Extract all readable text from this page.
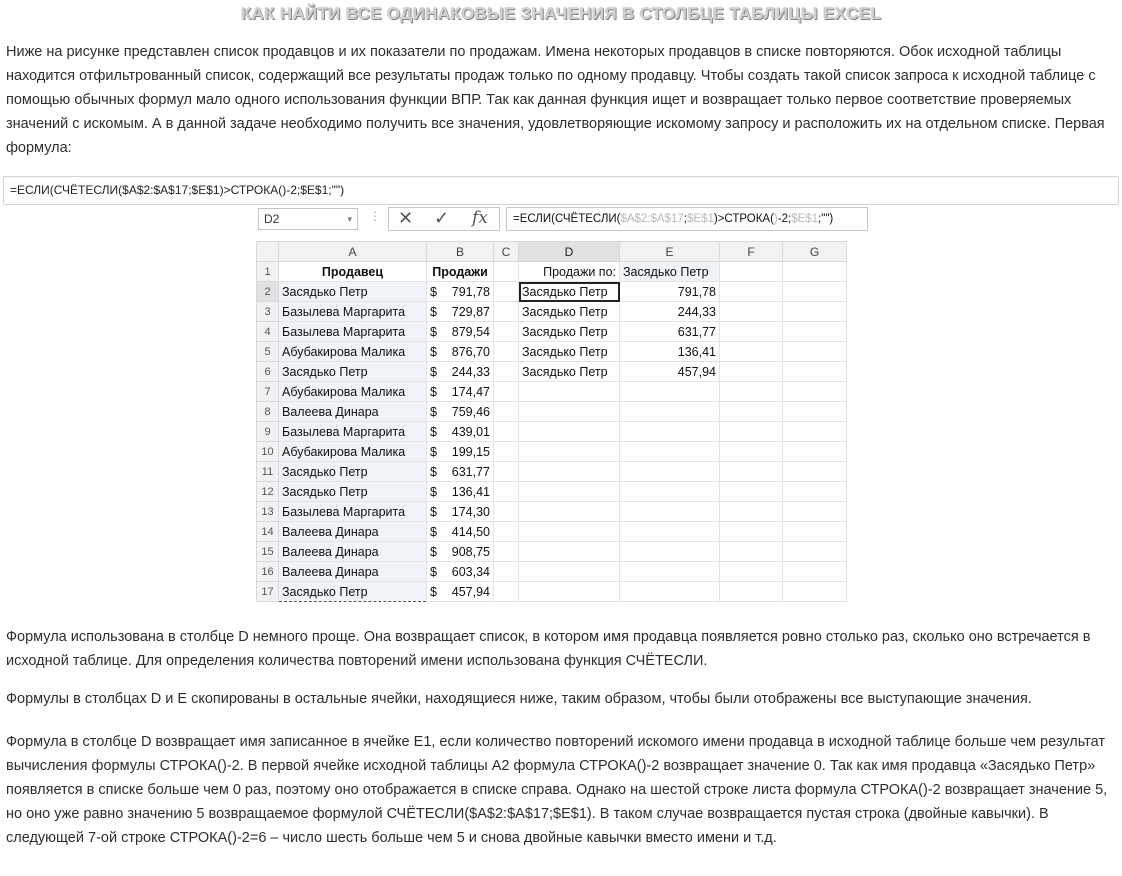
КАК НАЙТИ ВСЕ ОДИНАКОВЫЕ ЗНАЧЕНИЯ В СТОЛБЦЕ ТАБЛИЦЫ EXCEL

Ниже на рисунке представлен список продавцов и их показатели по продажам. Имена некоторых продавцов в списке повторяются. Обок исходной таблицы находится отфильтрованный список, содержащий все результаты продаж только по одному продавцу. Чтобы создать такой список запроса к исходной таблице с помощью обычных формул мало одного использования функции ВПР. Так как данная функция ищет и возвращает только первое соответствие проверяемых значений с искомым. А в данной задаче необходимо получить все значения, удовлетворяющие искомому запросу и расположить их на отдельном списке. Первая формула:

=ЕСЛИ(СЧЁТЕСЛИ($A$2:$A$17;$E$1)>СТРОКА()-2;$E$1;"")
D2	▾ ⋮ ✕ ✓ fx	=ЕСЛИ(СЧЁТЕСЛИ($A$2:$A$17;$E$1)>СТРОКА()-2;$E$1;"")
	A	B	C	D	E	F	G
1	Продавец	Продажи		Продажи по:	Засядько Петр		
2	Засядько Петр	$ 791,78		Засядько Петр	791,78		
3	Базылева Маргарита	$ 729,87		Засядько Петр	244,33		
4	Базылева Маргарита	$ 879,54		Засядько Петр	631,77		
5	Абубакирова Малика	$ 876,70		Засядько Петр	136,41		
6	Засядько Петр	$ 244,33		Засядько Петр	457,94		
7	Абубакирова Малика	$ 174,47					

8	Валеева Динара	$ 759,46					

9	Базылева Маргарита	$ 439,01					

10	Абубакирова Малика	$ 199,15					

11	Засядько Петр	$ 631,77					

12	Засядько Петр	$ 136,41					

13	Базылева Маргарита	$ 174,30					

14	Валеева Динара	$ 414,50					

15	Валеева Динара	$ 908,75					

16	Валеева Динара	$ 603,34					

17	Засядько Петр	$ 457,94					

Формула использована в столбце D немного проще. Она возвращает список, в котором имя продавца появляется ровно столько раз, сколько оно встречается в исходной таблице. Для определения количества повторений имени использована функция СЧЁТЕСЛИ.

Формулы в столбцах D и E скопированы в остальные ячейки, находящиеся ниже, таким образом, чтобы были отображены все выступающие значения.

Формула в столбце D возвращает имя записанное в ячейке E1, если количество повторений искомого имени продавца в исходной таблице больше чем результат вычисления формулы СТРОКА()-2. В первой ячейке исходной таблицы A2 формула СТРОКА()-2 возвращает значение 0. Так как имя продавца «Засядько Петр» появляется в списке больше чем 0 раз, поэтому оно отображается в списке справа. Однако на шестой строке листа формула СТРОКА()-2 возвращает значение 5, но оно уже равно значению 5 возвращаемое формулой СЧЁТЕСЛИ($A$2:$A$17;$E$1). В таком случае возвращается пустая строка (двойные кавычки). В следующей 7-ой строке СТРОКА()-2=6 – число шесть больше чем 5 и снова двойные кавычки вместо имени и т.д.
